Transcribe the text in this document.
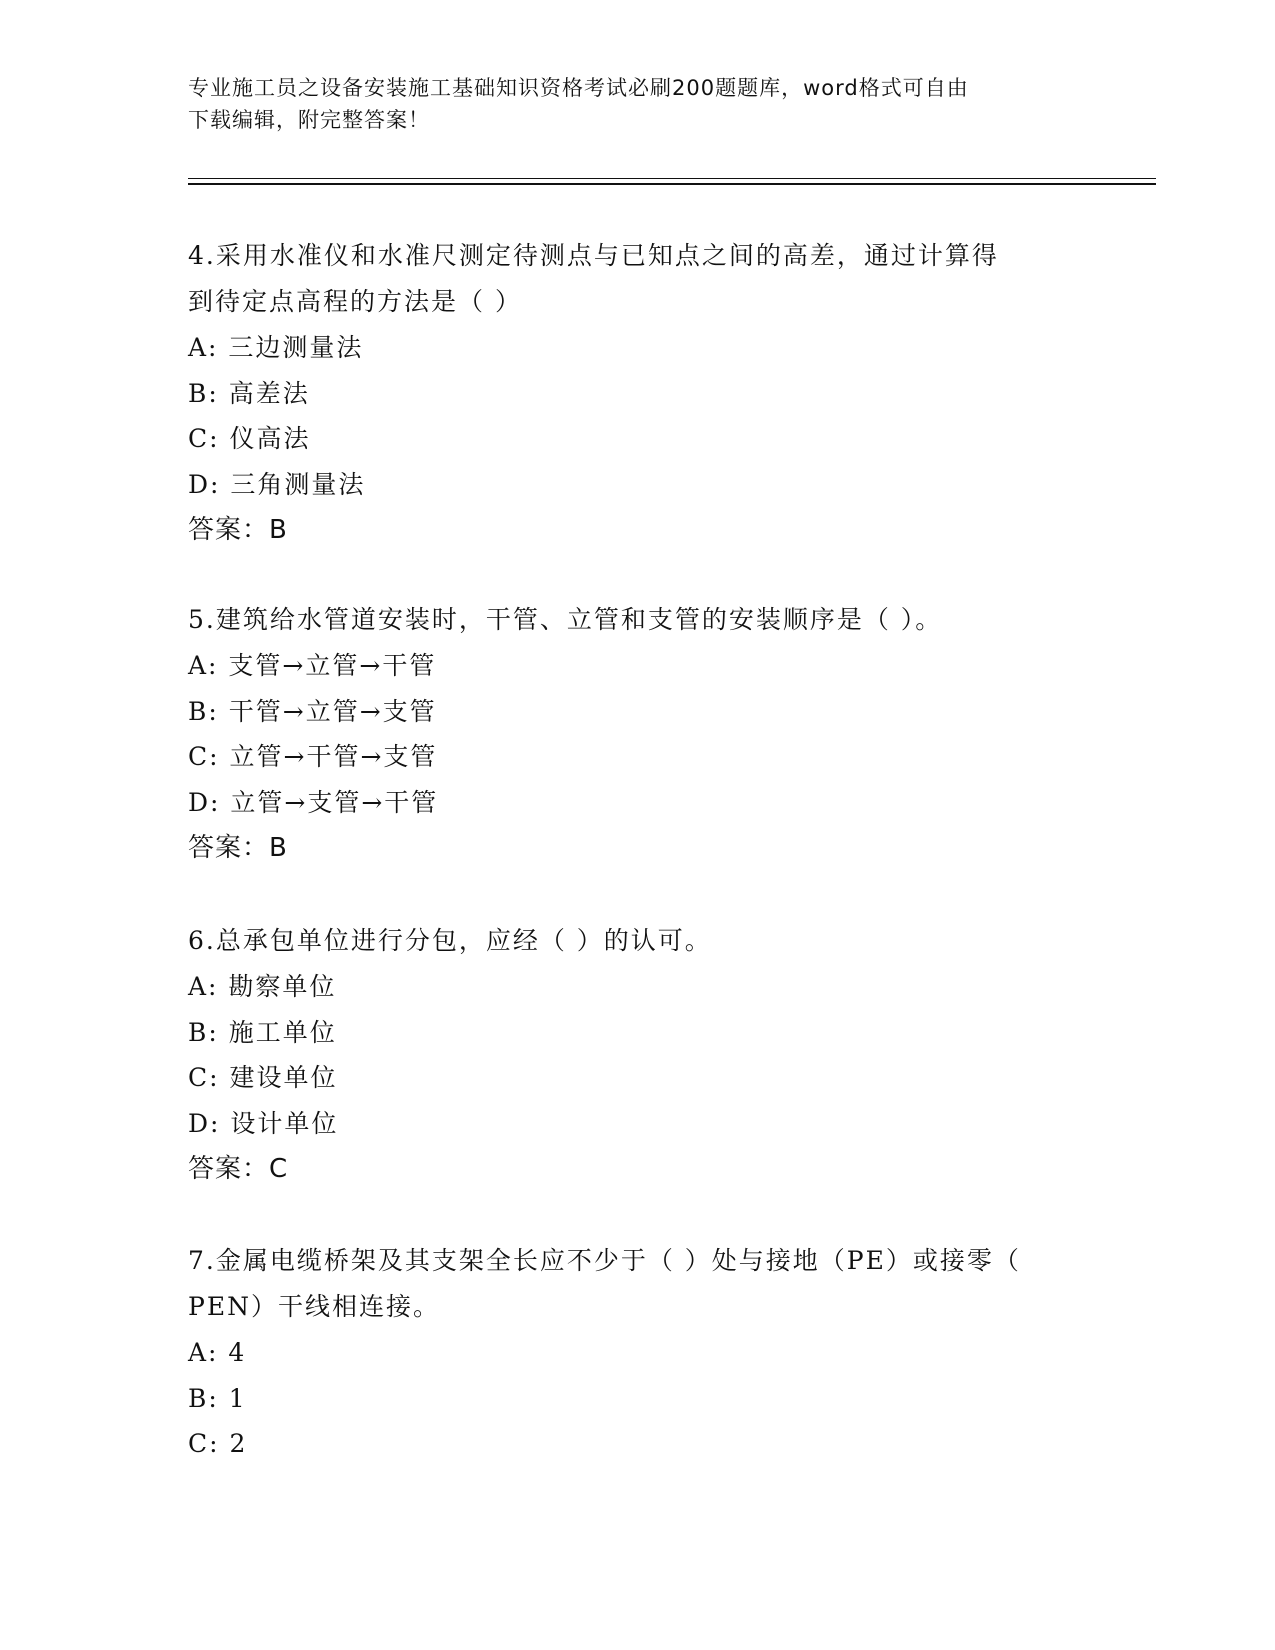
专业施工员之设备安装施工基础知识资格考试必刷200题题库，word格式可自由
下载编辑，附完整答案！
4.采用水准仪和水准尺测定待测点与已知点之间的高差，通过计算得
到待定点高程的方法是（ ）
A: 三边测量法
B: 高差法
C: 仪高法
D: 三角测量法
答案：B
5.建筑给水管道安装时，干管、立管和支管的安装顺序是（ ）。
A: 支管→立管→干管
B: 干管→立管→支管
C: 立管→干管→支管
D: 立管→支管→干管
答案：B
6.总承包单位进行分包，应经（ ）的认可。
A: 勘察单位
B: 施工单位
C: 建设单位
D: 设计单位
答案：C
7.金属电缆桥架及其支架全长应不少于（ ）处与接地（PE）或接零（
PEN）干线相连接。
A: 4
B: 1
C: 2
